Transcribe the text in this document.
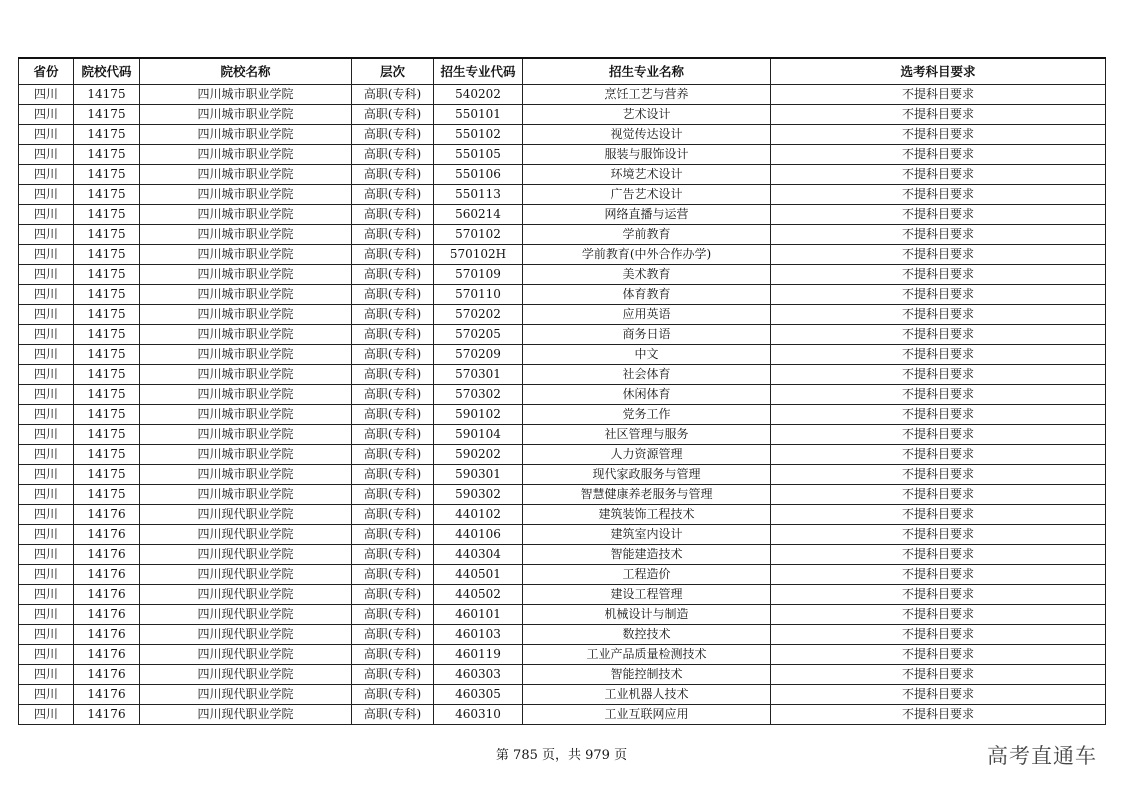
省份	院校代码	院校名称	层次	招生专业代码	招生专业名称	选考科目要求
四川	14175	四川城市职业学院	高职(专科)	540202	烹饪工艺与营养	不提科目要求
四川	14175	四川城市职业学院	高职(专科)	550101	艺术设计	不提科目要求
四川	14175	四川城市职业学院	高职(专科)	550102	视觉传达设计	不提科目要求
四川	14175	四川城市职业学院	高职(专科)	550105	服装与服饰设计	不提科目要求
四川	14175	四川城市职业学院	高职(专科)	550106	环境艺术设计	不提科目要求
四川	14175	四川城市职业学院	高职(专科)	550113	广告艺术设计	不提科目要求
四川	14175	四川城市职业学院	高职(专科)	560214	网络直播与运营	不提科目要求
四川	14175	四川城市职业学院	高职(专科)	570102	学前教育	不提科目要求
四川	14175	四川城市职业学院	高职(专科)	570102H	学前教育(中外合作办学)	不提科目要求
四川	14175	四川城市职业学院	高职(专科)	570109	美术教育	不提科目要求
四川	14175	四川城市职业学院	高职(专科)	570110	体育教育	不提科目要求
四川	14175	四川城市职业学院	高职(专科)	570202	应用英语	不提科目要求
四川	14175	四川城市职业学院	高职(专科)	570205	商务日语	不提科目要求
四川	14175	四川城市职业学院	高职(专科)	570209	中文	不提科目要求
四川	14175	四川城市职业学院	高职(专科)	570301	社会体育	不提科目要求
四川	14175	四川城市职业学院	高职(专科)	570302	休闲体育	不提科目要求
四川	14175	四川城市职业学院	高职(专科)	590102	党务工作	不提科目要求
四川	14175	四川城市职业学院	高职(专科)	590104	社区管理与服务	不提科目要求
四川	14175	四川城市职业学院	高职(专科)	590202	人力资源管理	不提科目要求
四川	14175	四川城市职业学院	高职(专科)	590301	现代家政服务与管理	不提科目要求
四川	14175	四川城市职业学院	高职(专科)	590302	智慧健康养老服务与管理	不提科目要求
四川	14176	四川现代职业学院	高职(专科)	440102	建筑装饰工程技术	不提科目要求
四川	14176	四川现代职业学院	高职(专科)	440106	建筑室内设计	不提科目要求
四川	14176	四川现代职业学院	高职(专科)	440304	智能建造技术	不提科目要求
四川	14176	四川现代职业学院	高职(专科)	440501	工程造价	不提科目要求
四川	14176	四川现代职业学院	高职(专科)	440502	建设工程管理	不提科目要求
四川	14176	四川现代职业学院	高职(专科)	460101	机械设计与制造	不提科目要求
四川	14176	四川现代职业学院	高职(专科)	460103	数控技术	不提科目要求
四川	14176	四川现代职业学院	高职(专科)	460119	工业产品质量检测技术	不提科目要求
四川	14176	四川现代职业学院	高职(专科)	460303	智能控制技术	不提科目要求
四川	14176	四川现代职业学院	高职(专科)	460305	工业机器人技术	不提科目要求
四川	14176	四川现代职业学院	高职(专科)	460310	工业互联网应用	不提科目要求
第 785 页，共 979 页	高考直通车
